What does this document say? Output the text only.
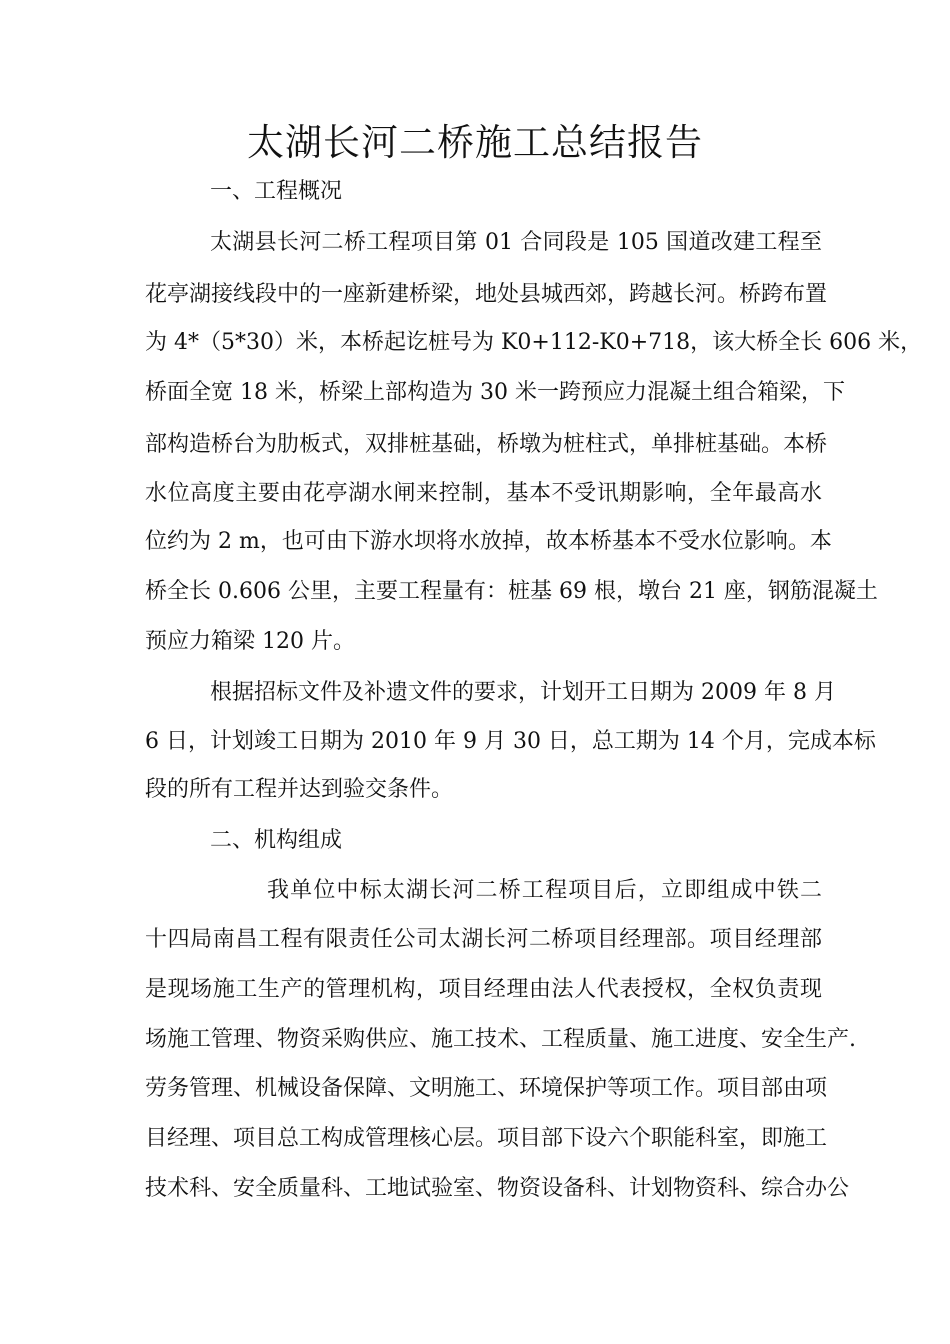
太湖长河二桥施工总结报告
一、工程概况
太湖县长河二桥工程项目第 01 合同段是 105 国道改建工程至
花亭湖接线段中的一座新建桥梁，地处县城西郊，跨越长河。桥跨布置
为 4*（5*30）米，本桥起讫桩号为 K0+112-K0+718，该大桥全长 606 米，
桥面全宽 18 米，桥梁上部构造为 30 米一跨预应力混凝土组合箱梁，下
部构造桥台为肋板式，双排桩基础，桥墩为桩柱式，单排桩基础。本桥
水位高度主要由花亭湖水闸来控制，基本不受讯期影响，全年最高水
位约为 2 m，也可由下游水坝将水放掉，故本桥基本不受水位影响。本
桥全长 0.606 公里，主要工程量有：桩基 69 根，墩台 21 座，钢筋混凝土
预应力箱梁 120 片。
根据招标文件及补遗文件的要求，计划开工日期为 2009 年 8 月
6 日，计划竣工日期为 2010 年 9 月 30 日，总工期为 14 个月，完成本标
段的所有工程并达到验交条件。
二、机构组成
我单位中标太湖长河二桥工程项目后，立即组成中铁二
十四局南昌工程有限责任公司太湖长河二桥项目经理部。项目经理部
是现场施工生产的管理机构，项目经理由法人代表授权，全权负责现
场施工管理、物资采购供应、施工技术、工程质量、施工进度、安全生产.
劳务管理、机械设备保障、文明施工、环境保护等项工作。项目部由项
目经理、项目总工构成管理核心层。项目部下设六个职能科室，即施工
技术科、安全质量科、工地试验室、物资设备科、计划物资科、综合办公
